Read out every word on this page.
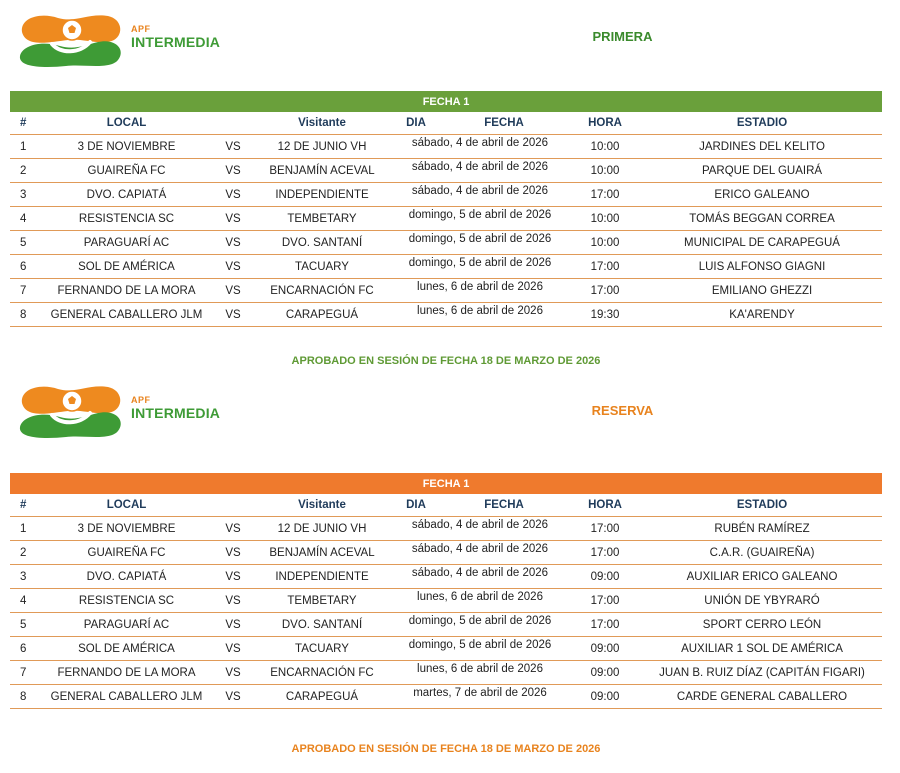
APF
INTERMEDIA	PRIMERA
FECHA 1							
#	LOCAL		Visitante	DIA	FECHA	HORA	ESTADIO
1	3 DE NOVIEMBRE	VS	12 DE JUNIO VH	sábado, 4 de abril de 2026		10:00	JARDINES DEL KELITO
2	GUAIREÑA FC	VS	BENJAMÍN ACEVAL	sábado, 4 de abril de 2026		10:00	PARQUE DEL GUAIRÁ
3	DVO. CAPIATÁ	VS	INDEPENDIENTE	sábado, 4 de abril de 2026		17:00	ERICO GALEANO
4	RESISTENCIA SC	VS	TEMBETARY	domingo, 5 de abril de 2026		10:00	TOMÁS BEGGAN CORREA
5	PARAGUARÍ AC	VS	DVO. SANTANÍ	domingo, 5 de abril de 2026		10:00	MUNICIPAL DE CARAPEGUÁ
6	SOL DE AMÉRICA	VS	TACUARY	domingo, 5 de abril de 2026		17:00	LUIS ALFONSO GIAGNI
7	FERNANDO DE LA MORA	VS	ENCARNACIÓN FC	lunes, 6 de abril de 2026		17:00	EMILIANO GHEZZI
8	GENERAL CABALLERO JLM	VS	CARAPEGUÁ	lunes, 6 de abril de 2026		19:30	KA'ARENDY
APROBADO EN SESIÓN DE FECHA 18 DE MARZO DE 2026
APF
INTERMEDIA	RESERVA
FECHA 1							
#	LOCAL		Visitante	DIA	FECHA	HORA	ESTADIO
1	3 DE NOVIEMBRE	VS	12 DE JUNIO VH	sábado, 4 de abril de 2026		17:00	RUBÉN RAMÍREZ
2	GUAIREÑA FC	VS	BENJAMÍN ACEVAL	sábado, 4 de abril de 2026		17:00	C.A.R. (GUAIREÑA)
3	DVO. CAPIATÁ	VS	INDEPENDIENTE	sábado, 4 de abril de 2026		09:00	AUXILIAR ERICO GALEANO
4	RESISTENCIA SC	VS	TEMBETARY	lunes, 6 de abril de 2026		17:00	UNIÓN DE YBYRARÓ
5	PARAGUARÍ AC	VS	DVO. SANTANÍ	domingo, 5 de abril de 2026		17:00	SPORT CERRO LEÓN
6	SOL DE AMÉRICA	VS	TACUARY	domingo, 5 de abril de 2026		09:00	AUXILIAR 1 SOL DE AMÉRICA
7	FERNANDO DE LA MORA	VS	ENCARNACIÓN FC	lunes, 6 de abril de 2026		09:00	JUAN B. RUIZ DÍAZ (CAPITÁN FIGARI)
8	GENERAL CABALLERO JLM	VS	CARAPEGUÁ	martes, 7 de abril de 2026		09:00	CARDE GENERAL CABALLERO
APROBADO EN SESIÓN DE FECHA 18 DE MARZO DE 2026
